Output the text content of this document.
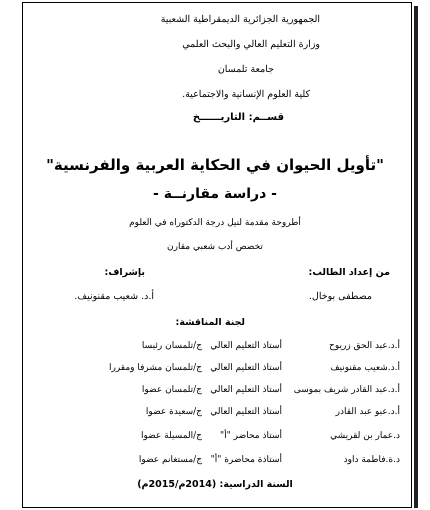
الجمهورية الجزائرية الديمقراطية الشعبية
وزارة التعليم العالي والبحث العلمي
جامعة تلمسان
كلية العلوم الإنسانية والاجتماعية.
قســم: التاريــــــخ
"تأويل الحيوان في الحكاية العربية والفرنسية"
- دراسة مقارنــة -
أطروحة مقدمة لنيل درجة الدكتوراه في العلوم
تخصص أدب شعبي مقارن
من إعداد الطالب:
بإشراف:
مصطفى بوخال.
أ.د. شعيب مقنونيف.
لجنة المناقشة:
أ.د.عبد الحق زريوح
أستاذ التعليم العالي
ج/تلمسان رئيسا
أ.د.شعيب مقنونيف
أستاذ التعليم العالي
ج/تلمسان مشرفا ومقررا
أ.د.عبد القادر شريف بموسى
أستاذ التعليم العالي
ج/تلمسان عضوا
أ.د.عبو عبد القادر
أستاذ التعليم العالي
ج/سعيدة عضوا
د.عمار بن لقريشي
أستاذ محاضر "أ"
ج/المسيلة عضوا
د.ة.فاطمة داود
أستاذة محاضرة "أ"
ج/مستغانم عضوا
السنة الدراسية: (2014م/2015م)
